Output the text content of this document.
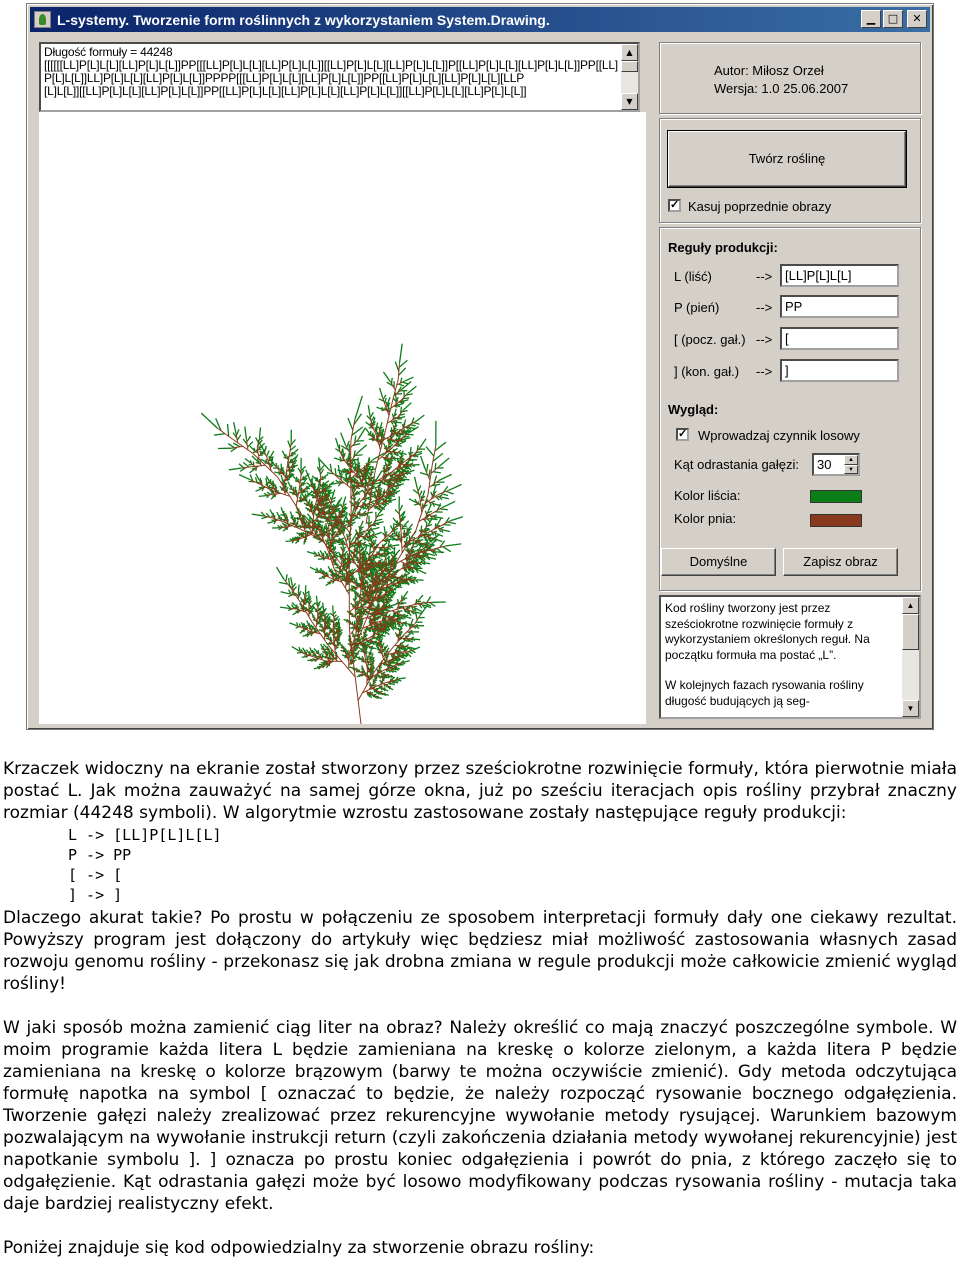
L-systemy. Tworzenie form roślinnych z wykorzystaniem System.Drawing.	▁	□	✕
Długość formuły = 44248
[[[[[[LL]P[L]L[L][LL]P[L]L[L]]PP[[[LL]P[L]L[L][LL]P[L]L[L]][[LL]P[L]L[L][LL]P[L]L[L]]P[[LL]P[L]L[L][LL]P[L]L[L]]PP[[LL]
P[L]L[L]]LL]P[L]L[L][LL]P[L]L[L]]PPPP[[[LL]P[L]L[L][LL]P[L]L[L]]PP[[LL]P[L]L[L][LL]P[L]L[L][LLP
[L]L[L]][[LL]P[L]L[L][LL]P[L]L[L]]PP[[LL]P[L]L[L][LL]P[L]L[L][LL]P[L]L[L]][[LL]P[L]L[L][LL]P[L]L[L]]
▲
▼
Autor: Miłosz Orzeł
Wersja: 1.0 25.06.2007
Twórz roślinę
✓ Kasuj poprzednie obrazy
Reguły produkcji:
L (liść)	--> [LL]P[L]L[L]
P (pień)	--> PP
[ (pocz. gał.) --> [
] (kon. gał.) --> ]
Wygląd:
✓ Wprowadzaj czynnik losowy
Kąt odrastania gałęzi: 30	▲
▼
Kolor liścia:
Kolor pnia:
Domyślne	Zapisz obraz

Kod rośliny tworzony jest przez sześciokrotne rozwinięcie formuły z wykorzystaniem określonych reguł. Na początku formuła ma postać „L”.

W kolejnych fazach rysowania rośliny długość budujących ją seg-

▲
▼
Krzaczek widoczny na ekranie został stworzony przez sześciokrotne rozwinięcie formuły, która pierwotnie miała postać L. Jak można zauważyć na samej górze okna, już po sześciu iteracjach opis rośliny przybrał znaczny rozmiar (44248 symboli). W algorytmie wzrostu zastosowane zostały następujące reguły produkcji:
L -> [LL]P[L]L[L]
P -> PP
[ -> [
] -> ]
Dlaczego akurat takie? Po prostu w połączeniu ze sposobem interpretacji formuły dały one ciekawy rezultat. Powyższy program jest dołączony do artykuły więc będziesz miał możliwość zastosowania własnych zasad rozwoju genomu rośliny - przekonasz się jak drobna zmiana w regule produkcji może całkowicie zmienić wygląd rośliny!
W jaki sposób można zamienić ciąg liter na obraz? Należy określić co mają znaczyć poszczególne symbole. W moim programie każda litera L będzie zamieniana na kreskę o kolorze zielonym, a każda litera P będzie zamieniana na kreskę o kolorze brązowym (barwy te można oczywiście zmienić). Gdy metoda odczytująca formułę napotka na symbol [ oznaczać to będzie, że należy rozpocząć rysowanie bocznego odgałęzienia. Tworzenie gałęzi należy zrealizować przez rekurencyjne wywołanie metody rysującej. Warunkiem bazowym pozwalającym na wywołanie instrukcji return (czyli zakończenia działania metody wywołanej rekurencyjnie) jest napotkanie symbolu ]. ] oznacza po prostu koniec odgałęzienia i powrót do pnia, z którego zaczęło się to odgałęzienie. Kąt odrastania gałęzi może być losowo modyfikowany podczas rysowania rośliny - mutacja taka daje bardziej realistyczny efekt.
Poniżej znajduje się kod odpowiedzialny za stworzenie obrazu rośliny:
